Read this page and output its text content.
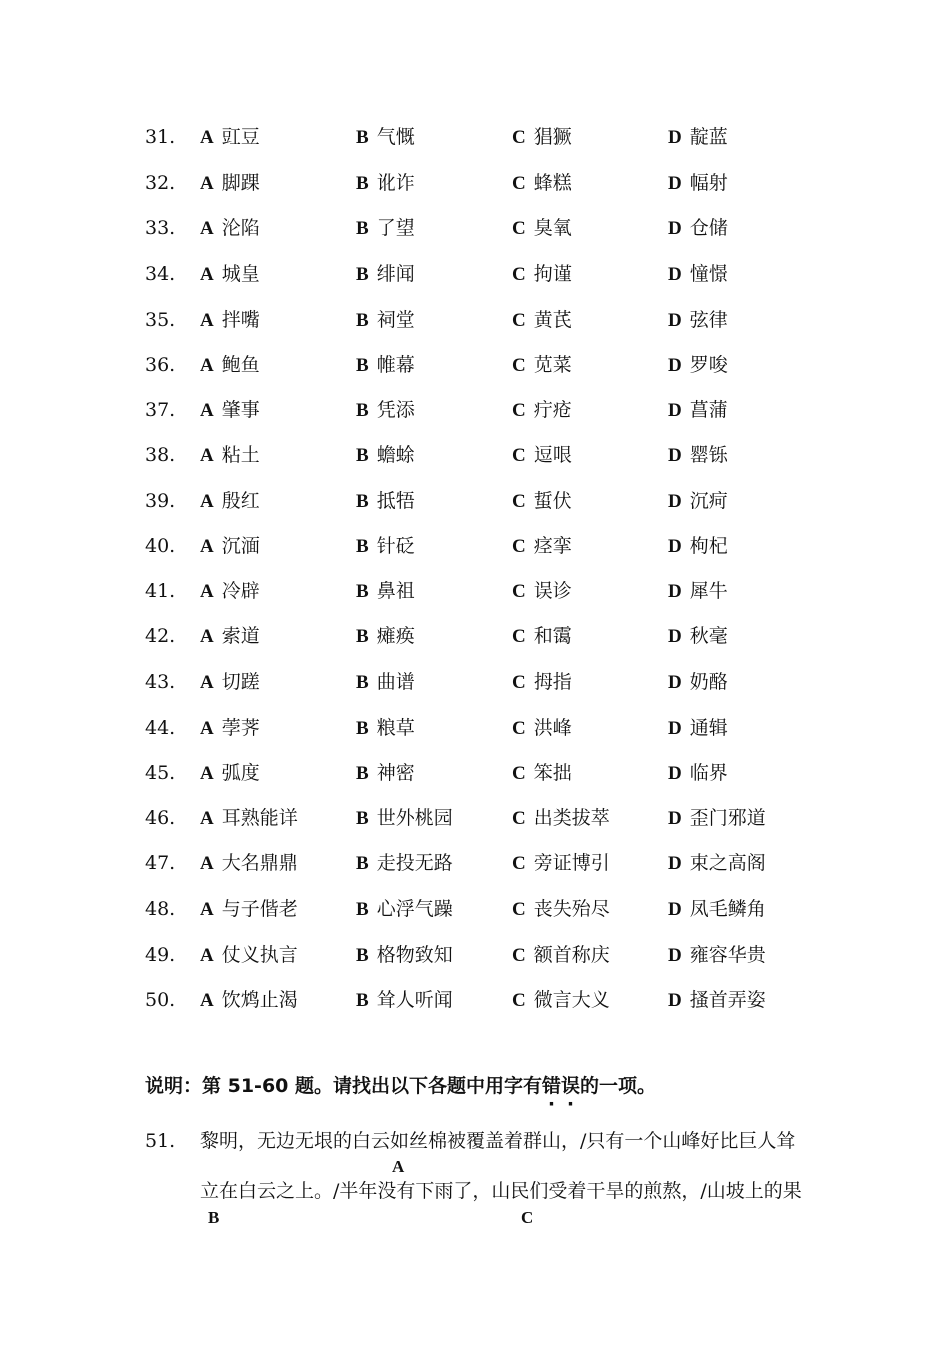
31. A 豇豆	B 气慨	C 猖獗	D 靛蓝
32. A 脚踝	B 讹诈	C 蜂糕	D 幅射
33. A 沦陷	B 了望	C 臭氧	D 仓储
34. A 城皇	B 绯闻	C 拘谨	D 憧憬
35. A 拌嘴	B 祠堂	C 黄芪	D 弦律
36. A 鲍鱼	B 帷幕	C 苋菜	D 罗唆
37. A 肇事	B 凭添	C 疔疮	D 菖蒲
38. A 粘土	B 蟾蜍	C 逗哏	D 罂铄
39. A 殷红	B 抵牾	C 蜇伏	D 沉疴
40. A 沉湎	B 针砭	C 痉挛	D 枸杞
41. A 冷辟	B 鼻祖	C 误诊	D 犀牛
42. A 索道	B 瘫痪	C 和霭	D 秋毫
43. A 切蹉	B 曲谱	C 拇指	D 奶酪
44. A 荸荠	B 粮草	C 洪峰	D 通辑
45. A 弧度	B 神密	C 笨拙	D 临界
46. A 耳熟能详	B 世外桃园	C 出类拔萃	D 歪门邪道
47. A 大名鼎鼎	B 走投无路	C 旁证博引	D 束之高阁
48. A 与子偕老	B 心浮气躁	C 丧失殆尽	D 凤毛鳞角
49. A 仗义执言	B 格物致知	C 额首称庆	D 雍容华贵
50. A 饮鸩止渴	B 耸人听闻	C 微言大义	D 搔首弄姿
说明：第 51-60 题。请找出以下各题中用字有错误的一项。
51. 黎明，无边无垠的白云如丝棉被覆盖着群山，/只有一个山峰好比巨人耸
A
立在白云之上。/半年没有下雨了，山民们受着干旱的煎熬，/山坡上的果
B	C
